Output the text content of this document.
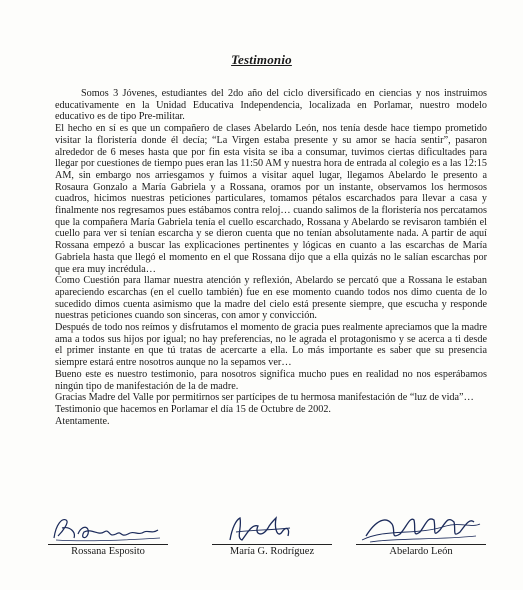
Testimonio

Somos 3 Jóvenes, estudiantes del 2do año del ciclo diversificado en ciencias y nos instruimos educativamente en la Unidad Educativa Independencia, localizada en Porlamar, nuestro modelo educativo es de tipo Pre-militar.

El hecho en sí es que un compañero de clases Abelardo León, nos tenía desde hace tiempo prometido visitar la floristería donde él decía; “La Virgen estaba presente y su amor se hacía sentir”, pasaron alrededor de 6 meses hasta que por fin esta visita se iba a consumar, tuvimos ciertas dificultades para llegar por cuestiones de tiempo pues eran las 11:50 AM y nuestra hora de entrada al colegio es a las 12:15 AM, sin embargo nos arriesgamos y fuimos a visitar aquel lugar, llegamos Abelardo le presento a Rosaura Gonzalo a María Gabriela y a Rossana, oramos por un instante, observamos los hermosos cuadros, hicimos nuestras peticiones particulares, tomamos pétalos escarchados para llevar a casa y finalmente nos regresamos pues estábamos contra reloj… cuando salimos de la floristería nos percatamos que la compañera María Gabriela tenía el cuello escarchado, Rossana y Abelardo se revisaron también el cuello para ver si tenían escarcha y se dieron cuenta que no tenían absolutamente nada. A partir de aquí Rossana empezó a buscar las explicaciones pertinentes y lógicas en cuanto a las escarchas de María Gabriela hasta que llegó el momento en el que Rossana dijo que a ella quizás no le salían escarchas por que era muy incrédula…

Como Cuestión para llamar nuestra atención y reflexión, Abelardo se percató que a Rossana le estaban apareciendo escarchas (en el cuello también) fue en ese momento cuando todos nos dimo cuenta de lo sucedido dimos cuenta asimismo que la madre del cielo está presente siempre, que escucha y responde nuestras peticiones cuando son sinceras, con amor y convicción.

Después de todo nos reímos y disfrutamos el momento de gracia pues realmente apreciamos que la madre ama a todos sus hijos por igual; no hay preferencias, no le agrada el protagonismo y se acerca a ti desde el primer instante en que tú tratas de acercarte a ella. Lo más importante es saber que su presencia siempre estará entre nosotros aunque no la sepamos ver…

Bueno este es nuestro testimonio, para nosotros significa mucho pues en realidad no nos esperábamos ningún tipo de manifestación de la de madre.

Gracias Madre del Valle por permitirnos ser partícipes de tu hermosa manifestación de “luz de vida”…

Testimonio que hacemos en Porlamar el día 15 de Octubre de 2002.

Atentamente.

Rossana Esposito	María G. Rodríguez	Abelardo León
